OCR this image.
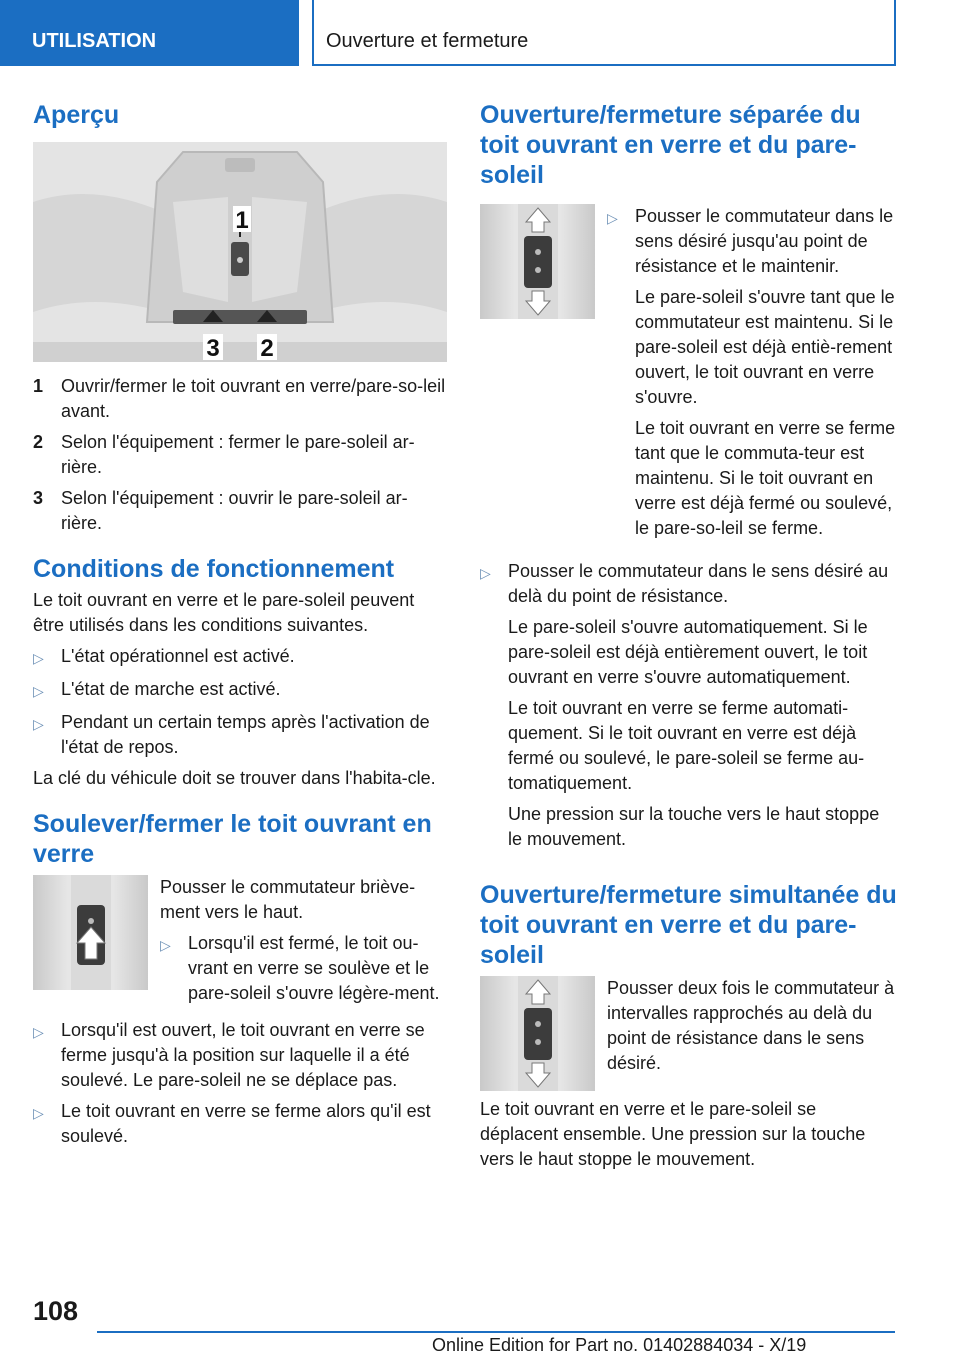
UTILISATION	Ouverture et fermeture
Aperçu
1
3 2
1 Ouvrir/fermer le toit ouvrant en verre/pare-so-leil avant.
2 Selon l'équipement : fermer le pare-soleil ar-rière.
3 Selon l'équipement : ouvrir le pare-soleil ar-rière.
Conditions de fonctionnement

Le toit ouvrant en verre et le pare-soleil peuvent être utilisés dans les conditions suivantes.

▷ L'état opérationnel est activé.
▷ L'état de marche est activé.
▷ Pendant un certain temps après l'activation de l'état de repos.

La clé du véhicule doit se trouver dans l'habita-cle.

Soulever/fermer le toit ouvrant en verre

Pousser le commutateur briève-ment vers le haut.

▷ Lorsqu'il est fermé, le toit ou-vrant en verre se soulève et le pare-soleil s'ouvre légère-ment.
▷ Lorsqu'il est ouvert, le toit ouvrant en verre se ferme jusqu'à la position sur laquelle il a été soulevé. Le pare-soleil ne se déplace pas.
▷ Le toit ouvrant en verre se ferme alors qu'il est soulevé.
Ouverture/fermeture séparée du toit ouvrant en verre et du pare-soleil
▷ Pousser le commutateur dans le sens désiré jusqu'au point de résistance et le maintenir.

Le pare-soleil s'ouvre tant que le commutateur est maintenu. Si le pare-soleil est déjà entiè-rement ouvert, le toit ouvrant en verre s'ouvre.

Le toit ouvrant en verre se ferme tant que le commuta-teur est maintenu. Si le toit ouvrant en verre est déjà fermé ou soulevé, le pare-so-leil se ferme.

▷ Pousser le commutateur dans le sens désiré au delà du point de résistance.

Le pare-soleil s'ouvre automatiquement. Si le pare-soleil est déjà entièrement ouvert, le toit ouvrant en verre s'ouvre automatiquement.

Le toit ouvrant en verre se ferme automati-quement. Si le toit ouvrant en verre est déjà fermé ou soulevé, le pare-soleil se ferme au-tomatiquement.

Une pression sur la touche vers le haut stoppe le mouvement.

Ouverture/fermeture simultanée du toit ouvrant en verre et du pare-soleil

Pousser deux fois le commutateur à intervalles rapprochés au delà du point de résistance dans le sens désiré.

Le toit ouvrant en verre et le pare-soleil se déplacent ensemble. Une pression sur la touche vers le haut stoppe le mouvement.

108
Online Edition for Part no. 01402884034 - X/19
